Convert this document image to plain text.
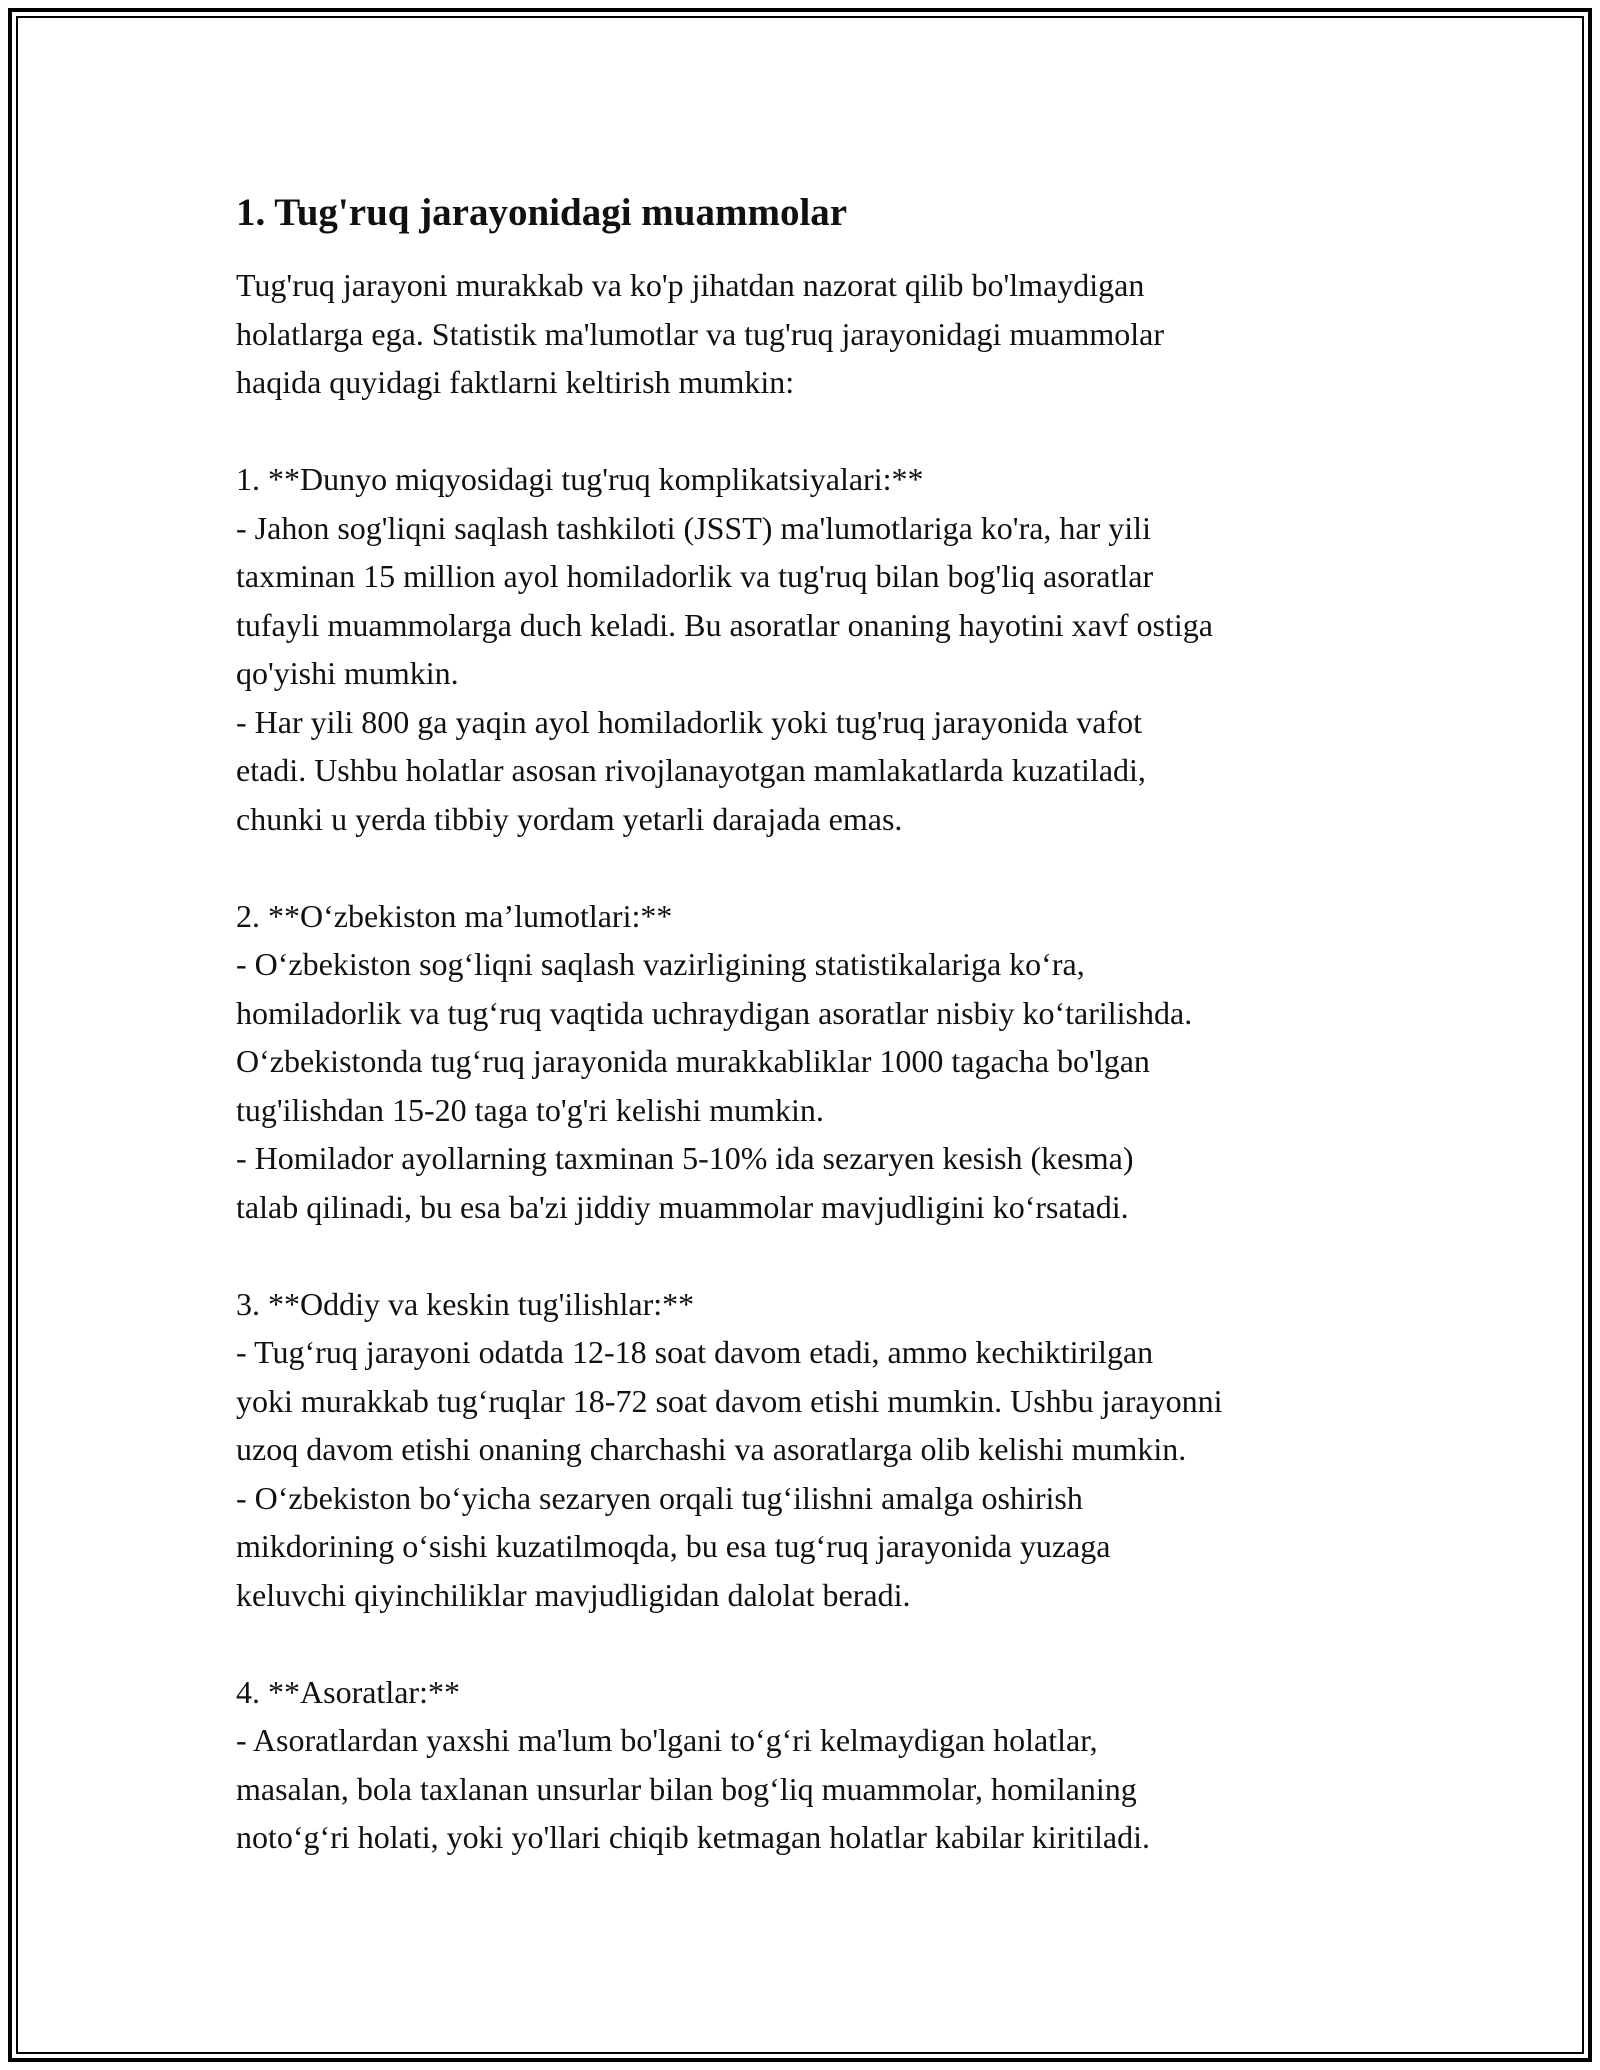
1. Tug'ruq jarayonidagi muammolar

Tug'ruq jarayoni murakkab va ko'p jihatdan nazorat qilib bo'lmaydigan
holatlarga ega. Statistik ma'lumotlar va tug'ruq jarayonidagi muammolar
haqida quyidagi faktlarni keltirish mumkin:

1. **Dunyo miqyosidagi tug'ruq komplikatsiyalari:**
- Jahon sog'liqni saqlash tashkiloti (JSST) ma'lumotlariga ko'ra, har yili
taxminan 15 million ayol homiladorlik va tug'ruq bilan bog'liq asoratlar
tufayli muammolarga duch keladi. Bu asoratlar onaning hayotini xavf ostiga
qo'yishi mumkin.
- Har yili 800 ga yaqin ayol homiladorlik yoki tug'ruq jarayonida vafot
etadi. Ushbu holatlar asosan rivojlanayotgan mamlakatlarda kuzatiladi,
chunki u yerda tibbiy yordam yetarli darajada emas.

2. **O‘zbekiston ma’lumotlari:**
- O‘zbekiston sog‘liqni saqlash vazirligining statistikalariga ko‘ra,
homiladorlik va tug‘ruq vaqtida uchraydigan asoratlar nisbiy ko‘tarilishda.
O‘zbekistonda tug‘ruq jarayonida murakkabliklar 1000 tagacha bo'lgan
tug'ilishdan 15-20 taga to'g'ri kelishi mumkin.
- Homilador ayollarning taxminan 5-10% ida sezaryen kesish (kesma)
talab qilinadi, bu esa ba'zi jiddiy muammolar mavjudligini ko‘rsatadi.

3. **Oddiy va keskin tug'ilishlar:**
- Tug‘ruq jarayoni odatda 12-18 soat davom etadi, ammo kechiktirilgan
yoki murakkab tug‘ruqlar 18-72 soat davom etishi mumkin. Ushbu jarayonni
uzoq davom etishi onaning charchashi va asoratlarga olib kelishi mumkin.
- O‘zbekiston bo‘yicha sezaryen orqali tug‘ilishni amalga oshirish
mikdorining o‘sishi kuzatilmoqda, bu esa tug‘ruq jarayonida yuzaga
keluvchi qiyinchiliklar mavjudligidan dalolat beradi.

4. **Asoratlar:**
- Asoratlardan yaxshi ma'lum bo'lgani to‘g‘ri kelmaydigan holatlar,
masalan, bola taxlanan unsurlar bilan bog‘liq muammolar, homilaning
noto‘g‘ri holati, yoki yo'llari chiqib ketmagan holatlar kabilar kiritiladi.
